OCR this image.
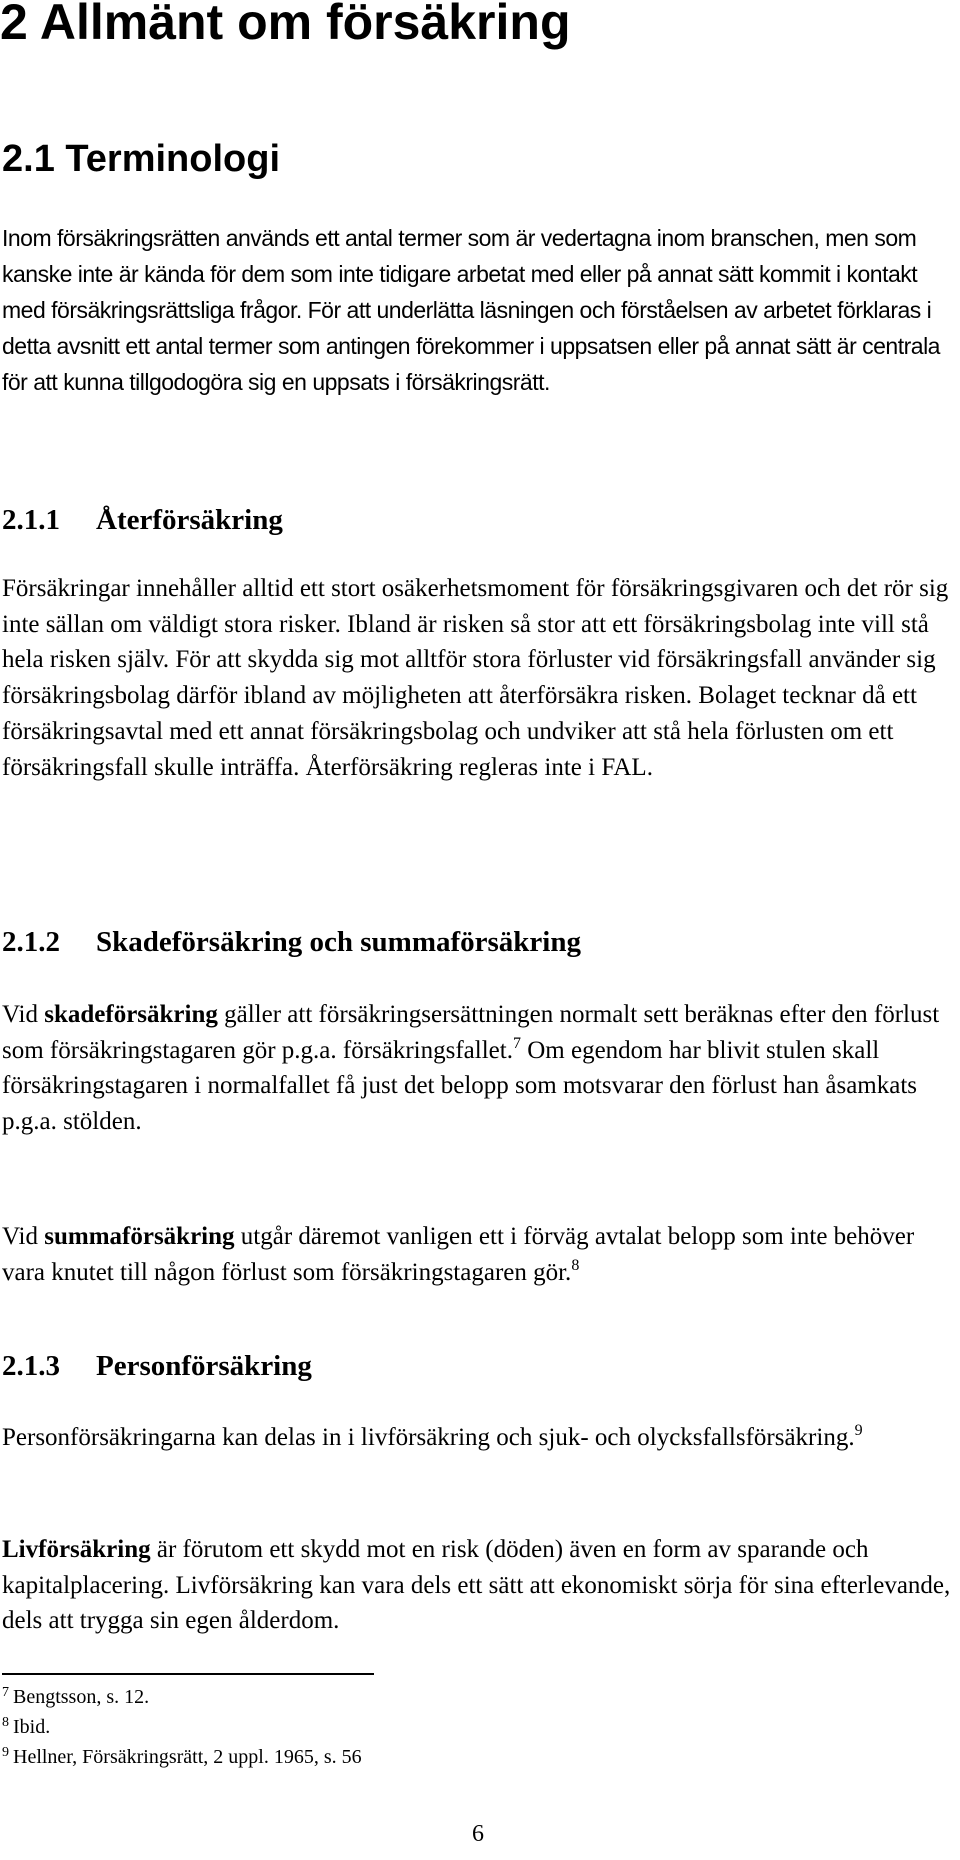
2 Allmänt om försäkring
2.1 Terminologi

Inom försäkringsrätten används ett antal termer som är vedertagna inom branschen, men som kanske inte är kända för dem som inte tidigare arbetat med eller på annat sätt kommit i kontakt med försäkringsrättsliga frågor. För att underlätta läsningen och förståelsen av arbetet förklaras i detta avsnitt ett antal termer som antingen förekommer i uppsatsen eller på annat sätt är centrala för att kunna tillgodogöra sig en uppsats i försäkringsrätt.

2.1.1 Återförsäkring

Försäkringar innehåller alltid ett stort osäkerhetsmoment för försäkringsgivaren och det rör sig inte sällan om väldigt stora risker. Ibland är risken så stor att ett försäkringsbolag inte vill stå hela risken själv. För att skydda sig mot alltför stora förluster vid försäkringsfall använder sig försäkringsbolag därför ibland av möjligheten att återförsäkra risken. Bolaget tecknar då ett försäkringsavtal med ett annat försäkringsbolag och undviker att stå hela förlusten om ett försäkringsfall skulle inträffa. Återförsäkring regleras inte i FAL.

2.1.2 Skadeförsäkring och summaförsäkring

Vid skadeförsäkring gäller att försäkringsersättningen normalt sett beräknas efter den förlust som försäkringstagaren gör p.g.a. försäkringsfallet.$^7$ Om egendom har blivit stulen skall försäkringstagaren i normalfallet få just det belopp som motsvarar den förlust han åsamkats p.g.a. stölden.

Vid summaförsäkring utgår däremot vanligen ett i förväg avtalat belopp som inte behöver vara knutet till någon förlust som försäkringstagaren gör.$^8$

2.1.3 Personförsäkring

Personförsäkringarna kan delas in i livförsäkring och sjuk- och olycksfallsförsäkring.$^9$

Livförsäkring är förutom ett skydd mot en risk (döden) även en form av sparande och kapitalplacering. Livförsäkring kan vara dels ett sätt att ekonomiskt sörja för sina efterlevande, dels att trygga sin egen ålderdom.

$^7$ Bengtsson, s. 12.

$^8$ Ibid.

$^9$ Hellner, Försäkringsrätt, 2 uppl. 1965, s. 56

6
